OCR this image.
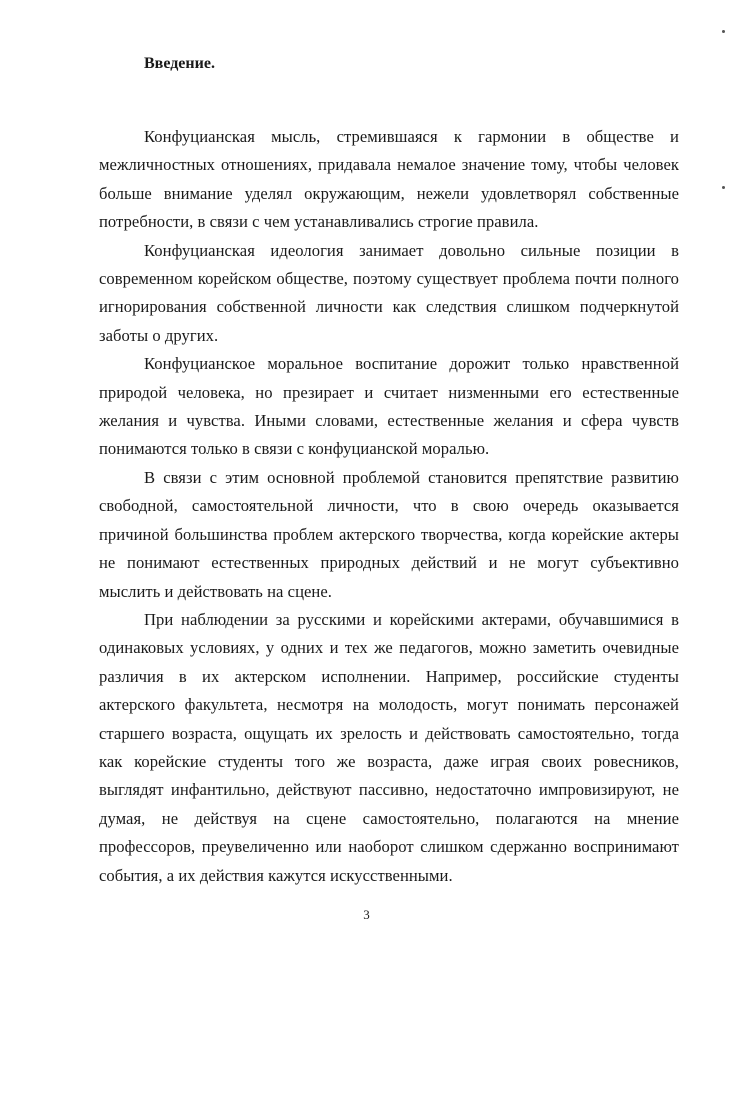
Введение.

Конфуцианская мысль, стремившаяся к гармонии в обществе и межличностных отношениях, придавала немалое значение тому, чтобы человек больше внимание уделял окружающим, нежели удовлетворял собственные потребности, в связи с чем устанавливались строгие правила.

Конфуцианская идеология занимает довольно сильные позиции в современном корейском обществе, поэтому существует проблема почти полного игнорирования собственной личности как следствия слишком подчеркнутой заботы о других.

Конфуцианское моральное воспитание дорожит только нравственной природой человека, но презирает и считает низменными его естественные желания и чувства. Иными словами, естественные желания и сфера чувств понимаются только в связи с конфуцианской моралью.

В связи с этим основной проблемой становится препятствие развитию свободной, самостоятельной личности, что в свою очередь оказывается причиной большинства проблем актерского творчества, когда корейские актеры не понимают естественных природных действий и не могут субъективно мыслить и действовать на сцене.

При наблюдении за русскими и корейскими актерами, обучавшимися в одинаковых условиях, у одних и тех же педагогов, можно заметить очевидные различия в их актерском исполнении. Например, российские студенты актерского факультета, несмотря на молодость, могут понимать персонажей старшего возраста, ощущать их зрелость и действовать самостоятельно, тогда как корейские студенты того же возраста, даже играя своих ровесников, выглядят инфантильно, действуют пассивно, недостаточно импровизируют, не думая, не действуя на сцене самостоятельно, полагаются на мнение профессоров, преувеличенно или наоборот слишком сдержанно воспринимают события, а их действия кажутся искусственными.

3
